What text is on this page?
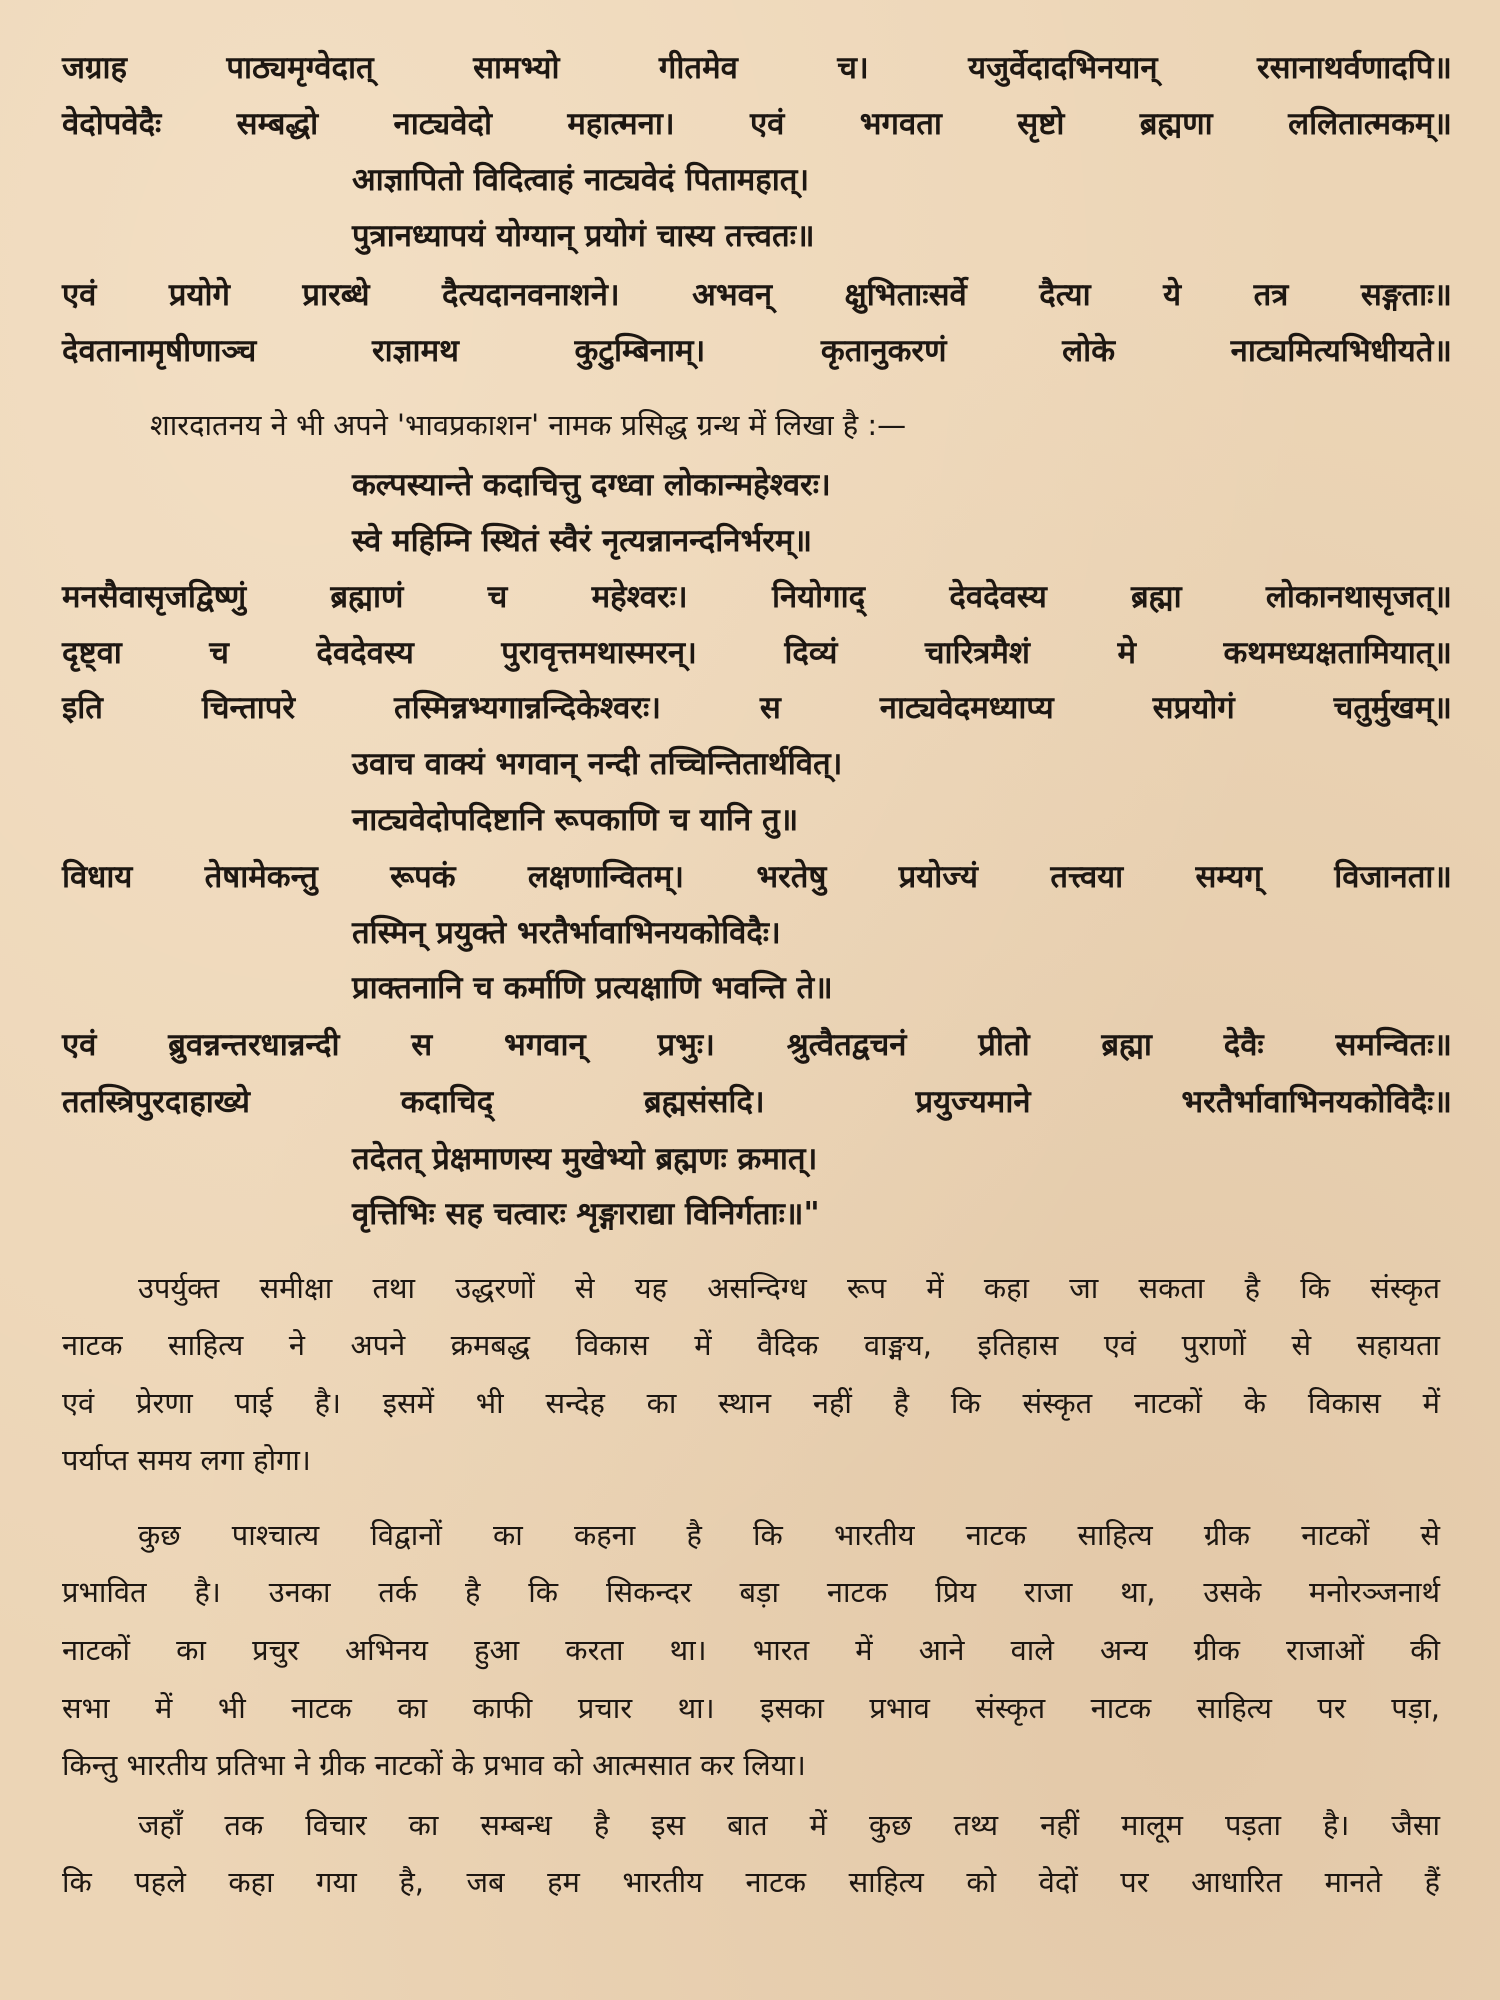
जग्राह पाठ्यमृग्वेदात् सामभ्यो गीतमेव च। यजुर्वेदादभिनयान् रसानाथर्वणादपि॥
वेदोपवेदैः सम्बद्धो नाट्यवेदो महात्मना। एवं भगवता सृष्टो ब्रह्मणा ललितात्मकम्॥
आज्ञापितो विदित्वाहं नाट्यवेदं पितामहात्।
पुत्रानध्यापयं योग्यान् प्रयोगं चास्य तत्त्वतः॥
एवं प्रयोगे प्रारब्धे दैत्यदानवनाशने। अभवन् क्षुभिताःसर्वे दैत्या ये तत्र सङ्गताः॥
देवतानामृषीणाञ्च राज्ञामथ कुटुम्बिनाम्। कृतानुकरणं लोके नाट्यमित्यभिधीयते॥
शारदातनय ने भी अपने 'भावप्रकाशन' नामक प्रसिद्ध ग्रन्थ में लिखा है :—
कल्पस्यान्ते कदाचित्तु दग्ध्वा लोकान्महेश्वरः।
स्वे महिम्नि स्थितं स्वैरं नृत्यन्नानन्दनिर्भरम्॥
मनसैवासृजद्विष्णुं ब्रह्माणं च महेश्वरः। नियोगाद् देवदेवस्य ब्रह्मा लोकानथासृजत्॥
दृष्ट्वा च देवदेवस्य पुरावृत्तमथास्मरन्। दिव्यं चारित्रमैशं मे कथमध्यक्षतामियात्॥
इति चिन्तापरे तस्मिन्नभ्यगान्नन्दिकेश्वरः। स नाट्यवेदमध्याप्य सप्रयोगं चतुर्मुखम्॥
उवाच वाक्यं भगवान् नन्दी तच्चिन्तितार्थवित्।
नाट्यवेदोपदिष्टानि रूपकाणि च यानि तु॥
विधाय तेषामेकन्तु रूपकं लक्षणान्वितम्। भरतेषु प्रयोज्यं तत्त्वया सम्यग् विजानता॥
तस्मिन् प्रयुक्ते भरतैर्भावाभिनयकोविदैः।
प्राक्तनानि च कर्माणि प्रत्यक्षाणि भवन्ति ते॥
एवं ब्रुवन्नन्तरधान्नन्दी स भगवान् प्रभुः। श्रुत्वैतद्वचनं प्रीतो ब्रह्मा देवैः समन्वितः॥
ततस्त्रिपुरदाहाख्ये कदाचिद् ब्रह्मसंसदि। प्रयुज्यमाने भरतैर्भावाभिनयकोविदैः॥
तदेतत् प्रेक्षमाणस्य मुखेभ्यो ब्रह्मणः क्रमात्।
वृत्तिभिः सह चत्वारः शृङ्गाराद्या विनिर्गताः॥"
उपर्युक्त समीक्षा तथा उद्धरणों से यह असन्दिग्ध रूप में कहा जा सकता है कि संस्कृत
नाटक साहित्य ने अपने क्रमबद्ध विकास में वैदिक वाङ्मय, इतिहास एवं पुराणों से सहायता
एवं प्रेरणा पाई है। इसमें भी सन्देह का स्थान नहीं है कि संस्कृत नाटकों के विकास में
पर्याप्त समय लगा होगा।
कुछ पाश्चात्य विद्वानों का कहना है कि भारतीय नाटक साहित्य ग्रीक नाटकों से
प्रभावित है। उनका तर्क है कि सिकन्दर बड़ा नाटक प्रिय राजा था, उसके मनोरञ्जनार्थ
नाटकों का प्रचुर अभिनय हुआ करता था। भारत में आने वाले अन्य ग्रीक राजाओं की
सभा में भी नाटक का काफी प्रचार था। इसका प्रभाव संस्कृत नाटक साहित्य पर पड़ा,
किन्तु भारतीय प्रतिभा ने ग्रीक नाटकों के प्रभाव को आत्मसात कर लिया।
जहाँ तक विचार का सम्बन्ध है इस बात में कुछ तथ्य नहीं मालूम पड़ता है। जैसा
कि पहले कहा गया है, जब हम भारतीय नाटक साहित्य को वेदों पर आधारित मानते हैं
